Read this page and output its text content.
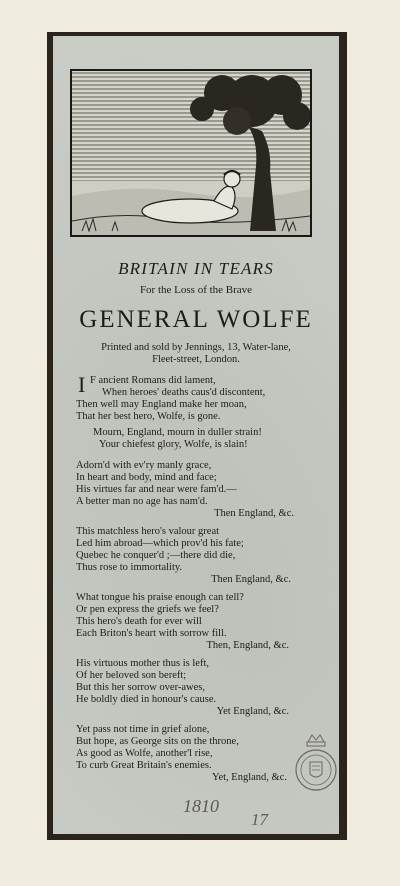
BRITAIN IN TEARS
For the Loss of the Brave
GENERAL WOLFE
Printed and sold by Jennings, 13, Water-lane,
Fleet-street, London.
I F ancient Romans did lament,
When heroes' deaths caus'd discontent,
Then well may England make her moan,
That her best hero, Wolfe, is gone.
Mourn, England, mourn in duller strain!
Your chiefest glory, Wolfe, is slain!
Adorn'd with ev'ry manly grace,
In heart and body, mind and face;
His virtues far and near were fam'd.—
A better man no age has nam'd.
Then England, &c.
This matchless hero's valour great
Led him abroad—which prov'd his fate;
Quebec he conquer'd ;—there did die,
Thus rose to immortality.
Then England, &c.
What tongue his praise enough can tell?
Or pen express the griefs we feel?
This hero's death for ever will
Each Briton's heart with sorrow fill.
Then, England, &c.
His virtuous mother thus is left,
Of her beloved son bereft;
But this her sorrow over-awes,
He boldly died in honour's cause.
Yet England, &c.
Yet pass not time in grief alone,
But hope, as George sits on the throne,
As good as Wolfe, another'l rise,
To curb Great Britain's enemies.
Yet, England, &c.
1810
17
